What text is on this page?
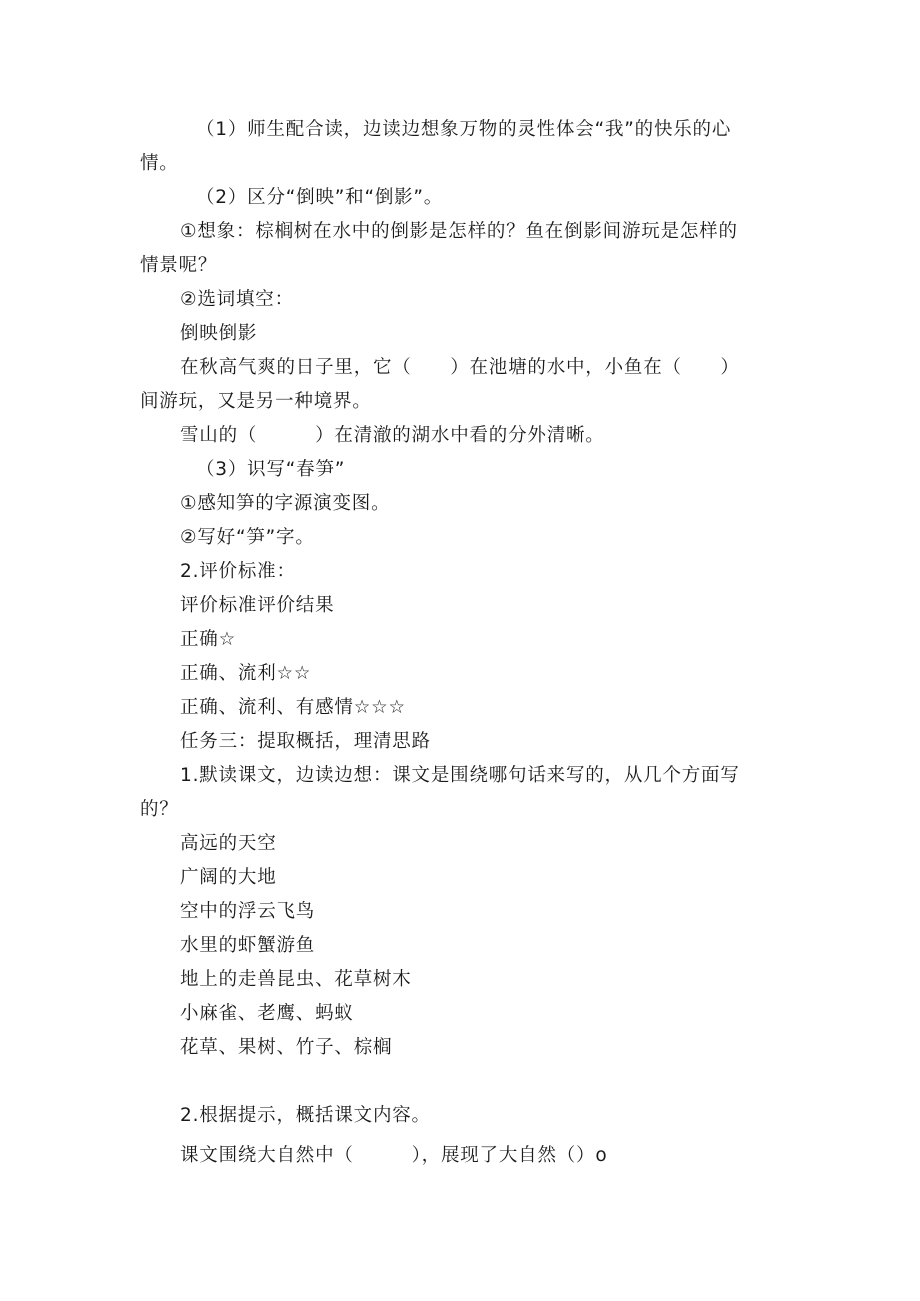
（1）师生配合读，边读边想象万物的灵性体会“我”的快乐的心
情。
（2）区分“倒映”和“倒影”。
①想象：棕榈树在水中的倒影是怎样的？鱼在倒影间游玩是怎样的
情景呢？
②选词填空：
倒映倒影
在秋高气爽的日子里，它（　　）在池塘的水中，小鱼在（　　）
间游玩，又是另一种境界。
雪山的（　　　）在清澈的湖水中看的分外清晰。
（3）识写“春笋”
①感知笋的字源演变图。
②写好“笋”字。
2.评价标准：
评价标准评价结果
正确☆
正确、流利☆☆
正确、流利、有感情☆☆☆
任务三：提取概括，理清思路
1.默读课文，边读边想：课文是围绕哪句话来写的，从几个方面写
的？
高远的天空
广阔的大地
空中的浮云飞鸟
水里的虾蟹游鱼
地上的走兽昆虫、花草树木
小麻雀、老鹰、蚂蚁
花草、果树、竹子、棕榈
2.根据提示，概括课文内容。
课文围绕大自然中（　　　），展现了大自然（）o
